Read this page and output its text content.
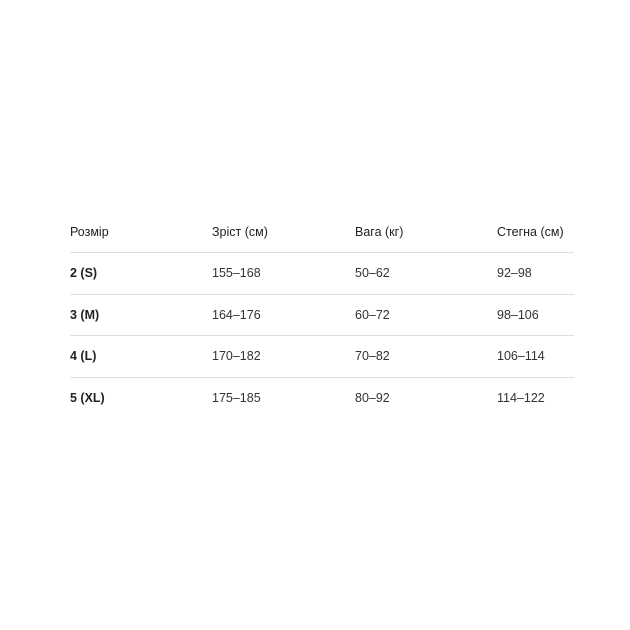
Розмір	Зріст (см)	Вага (кг)	Стегна (см)
2 (S)	155–168	50–62	92–98
3 (M)	164–176	60–72	98–106
4 (L)	170–182	70–82	106–114
5 (XL)	175–185	80–92	114–122
